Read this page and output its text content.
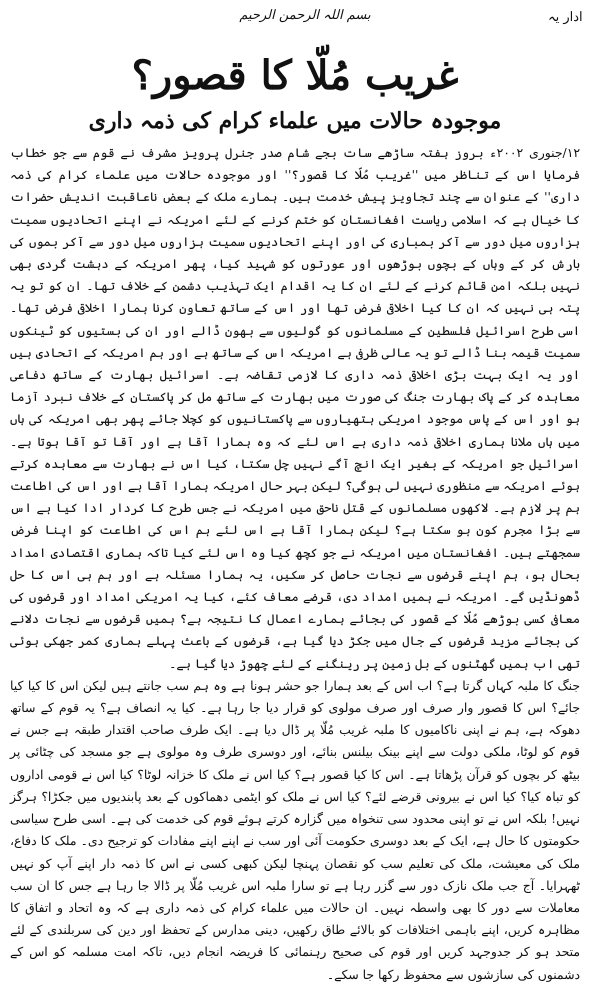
ادار یہ
بسم اللہ الرحمن الرحیم
غریب مُلّا کا قصور؟
موجودہ حالات میں علماء کرام کی ذمہ داری

۱۲/جنوری ۲۰۰۲ء بروز ہفتہ ساڑھے سات بجے شام صدر جنرل پرویز مشرف نے قوم سے جو خطاب فرمایا اس کے تناظر میں ''غریب مُلّا کا قصور؟'' اور موجودہ حالات میں علماء کرام کی ذمہ داری'' کے عنوان سے چند تجاویز پیش خدمت ہیں۔ ہمارے ملک کے بعض ناعاقبت اندیش حضرات کا خیال ہے کہ اسلامی ریاست افغانستان کو ختم کرنے کے لئے امریکہ نے اپنے اتحادیوں سمیت ہزاروں میل دور سے آکر بمباری کی اور اپنے اتحادیوں سمیت ہزاروں میل دور سے آکر بموں کی بارش کر کے وہاں کے بچوں بوڑھوں اور عورتوں کو شہید کیا، پھر امریکہ کے دہشت گردی بھی نہیں بلکہ امن قائم کرنے کے لئے ان کا یہ اقدام ایک تہذیب دشمن کے خلاف تھا۔ ان کو تو یہ پتہ ہی نہیں کہ ان کا کیا اخلاقی فرض تھا اور اس کے ساتھ تعاون کرنا ہمارا اخلاقی فرض تھا۔ اسی طرح اسرائیل فلسطین کے مسلمانوں کو گولیوں سے بھون ڈالے اور ان کی بستیوں کو ٹینکوں سمیت قیمہ بنا ڈالے تو یہ عالی ظرفی ہے امریکہ اس کے ساتھ ہے اور ہم امریکہ کے اتحادی ہیں اور یہ ایک بہت بڑی اخلاقی ذمہ داری کا لازمی تقاضہ ہے۔ اسرائیل بھارت کے ساتھ دفاعی معاہدہ کر کے پاک بھارت جنگ کی صورت میں بھارت کے ساتھ مل کر پاکستان کے خلاف نبرد آزما ہو اور اس کے پاس موجود امریکی ہتھیاروں سے پاکستانیوں کو کچلا جائے پھر بھی امریکہ کی ہاں میں ہاں ملانا ہماری اخلاقی ذمہ داری ہے اس لئے کہ وہ ہمارا آقا ہے اور آقا تو آقا ہوتا ہے۔ اسرائیل جو امریکہ کے بغیر ایک انچ آگے نہیں چل سکتا، کیا اس نے بھارت سے معاہدہ کرتے ہوئے امریکہ سے منظوری نہیں لی ہوگی؟ لیکن بہر حال امریکہ ہمارا آقا ہے اور اس کی اطاعت ہم پر لازم ہے۔ لاکھوں مسلمانوں کے قتل ناحق میں امریکہ نے جس طرح کا کردار ادا کیا ہے اس سے بڑا مجرم کون ہو سکتا ہے؟ لیکن ہمارا آقا ہے اس لئے ہم اس کی اطاعت کو اپنا فرض سمجھتے ہیں۔ افغانستان میں امریکہ نے جو کچھ کیا وہ اس لئے کیا تاکہ ہماری اقتصادی امداد بحال ہو، ہم اپنے قرضوں سے نجات حاصل کر سکیں، یہ ہمارا مسئلہ ہے اور ہم ہی اس کا حل ڈھونڈیں گے۔ امریکہ نے ہمیں امداد دی، قرضے معاف کئے، کیا یہ امریکی امداد اور قرضوں کی معافی کسی بوڑھے مُلّا کے قصور کی بجائے ہمارے اعمال کا نتیجہ ہے؟ ہمیں قرضوں سے نجات دلانے کی بجائے مزید قرضوں کے جال میں جکڑ دیا گیا ہے، قرضوں کے باعث پہلے ہماری کمر جھکی ہوئی تھی اب ہمیں گھٹنوں کے بل زمین پر رینگنے کے لئے چھوڑ دیا گیا ہے۔

جنگ کا ملبہ کہاں گرتا ہے؟ اب اس کے بعد ہمارا جو حشر ہونا ہے وہ ہم سب جانتے ہیں لیکن اس کا کیا کیا جائے؟ اس کا قصور وار صرف اور صرف مولوی کو قرار دیا جا رہا ہے۔ کیا یہ انصاف ہے؟ یہ قوم کے ساتھ دھوکہ ہے، ہم نے اپنی ناکامیوں کا ملبہ غریب مُلّا پر ڈال دیا ہے۔ ایک طرف صاحب اقتدار طبقہ ہے جس نے قوم کو لوٹا، ملکی دولت سے اپنے بینک بیلنس بنائے، اور دوسری طرف وہ مولوی ہے جو مسجد کی چٹائی پر بیٹھ کر بچوں کو قرآن پڑھاتا ہے۔ اس کا کیا قصور ہے؟ کیا اس نے ملک کا خزانہ لوٹا؟ کیا اس نے قومی اداروں کو تباہ کیا؟ کیا اس نے بیرونی قرضے لئے؟ کیا اس نے ملک کو ایٹمی دھماکوں کے بعد پابندیوں میں جکڑا؟ ہرگز نہیں! بلکہ اس نے تو اپنی محدود سی تنخواہ میں گزارہ کرتے ہوئے قوم کی خدمت کی ہے۔ اسی طرح سیاسی حکومتوں کا حال ہے، ایک کے بعد دوسری حکومت آئی اور سب نے اپنے اپنے مفادات کو ترجیح دی۔ ملک کا دفاع، ملک کی معیشت، ملک کی تعلیم سب کو نقصان پہنچا لیکن کبھی کسی نے اس کا ذمہ دار اپنے آپ کو نہیں ٹھہرایا۔ آج جب ملک نازک دور سے گزر رہا ہے تو سارا ملبہ اس غریب مُلّا پر ڈالا جا رہا ہے جس کا ان سب معاملات سے دور کا بھی واسطہ نہیں۔ ان حالات میں علماء کرام کی ذمہ داری ہے کہ وہ اتحاد و اتفاق کا مظاہرہ کریں، اپنے باہمی اختلافات کو بالائے طاق رکھیں، دینی مدارس کے تحفظ اور دین کی سربلندی کے لئے متحد ہو کر جدوجہد کریں اور قوم کی صحیح رہنمائی کا فریضہ انجام دیں، تاکہ امت مسلمہ کو اس کے دشمنوں کی سازشوں سے محفوظ رکھا جا سکے۔
